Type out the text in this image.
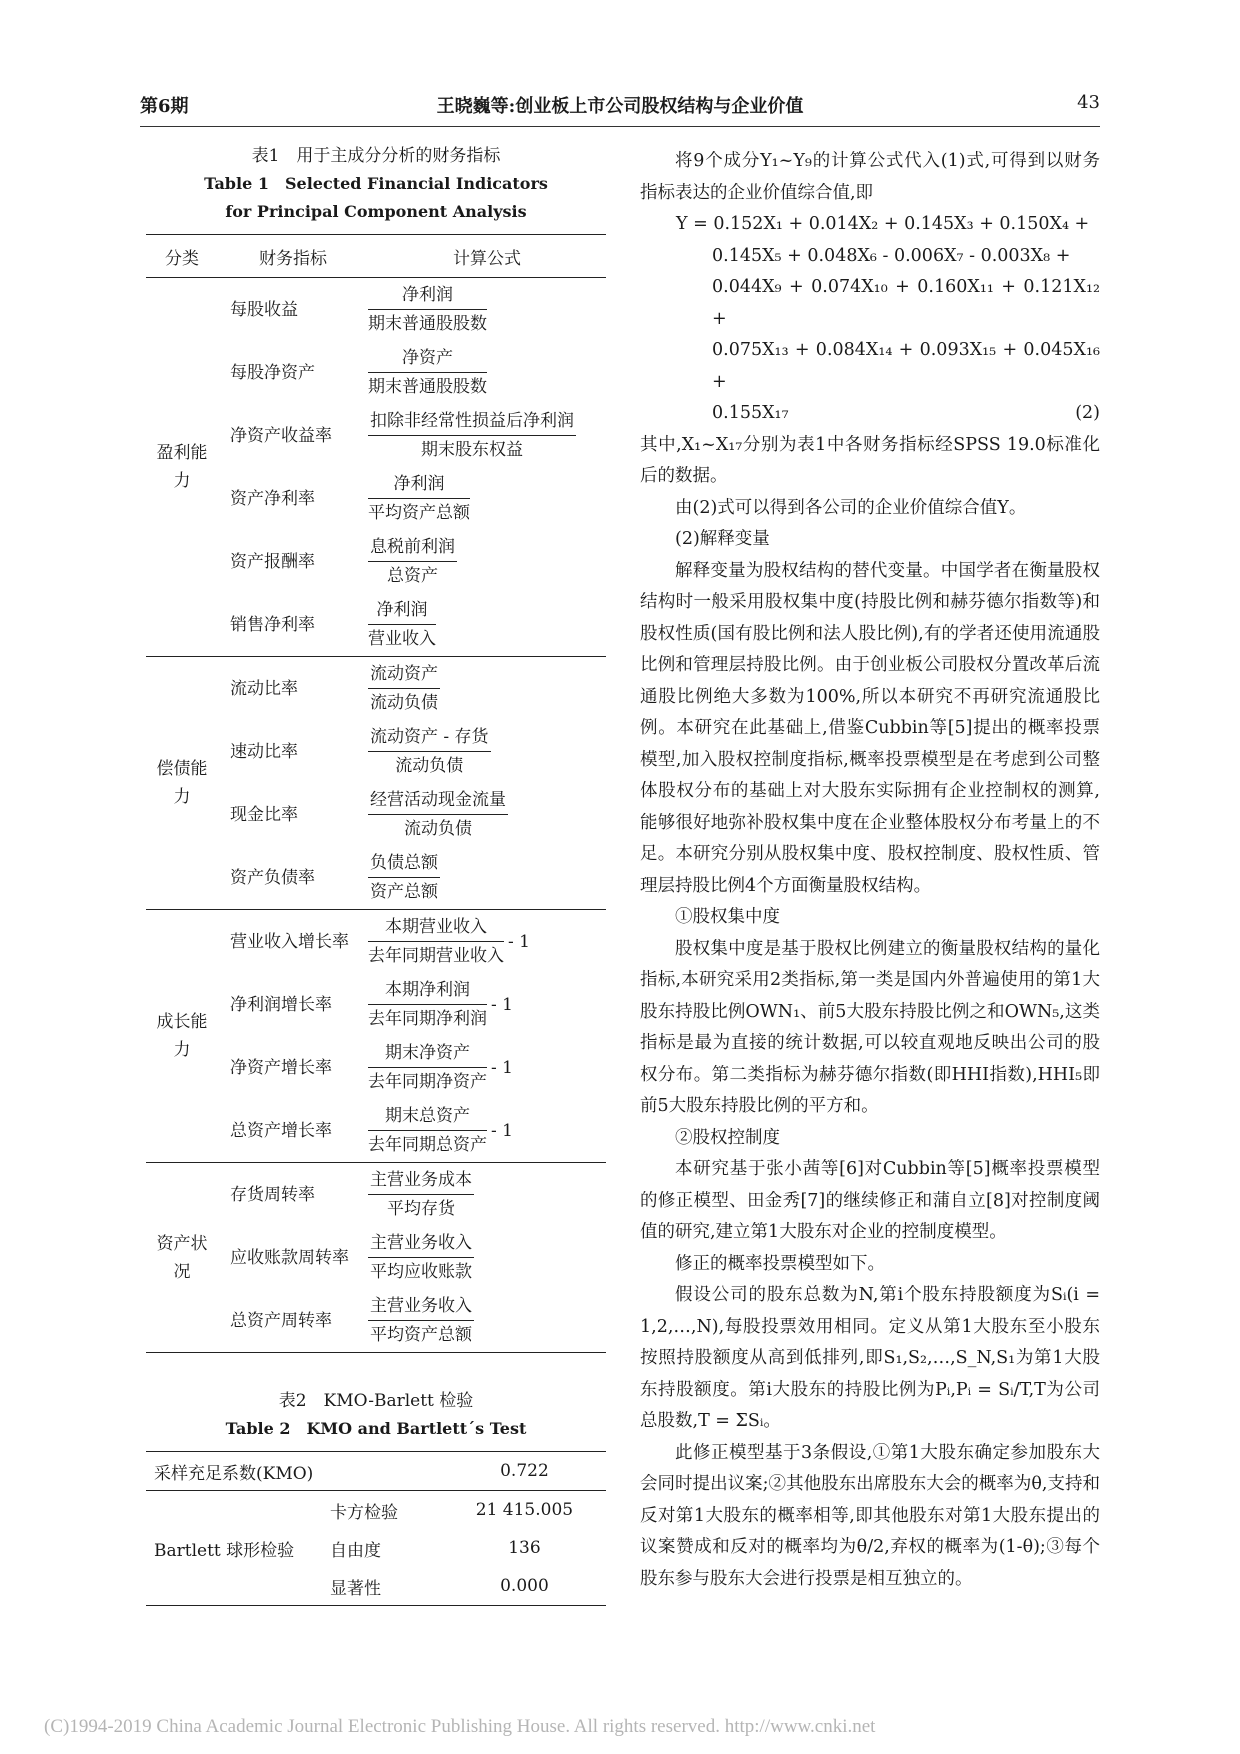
第6期	王晓巍等:创业板上市公司股权结构与企业价值	43
表1　用于主成分分析的财务指标
Table 1　Selected Financial Indicators
for Principal Component Analysis
分类	财务指标	计算公式
盈利能力	每股收益	$\frac{\text{净利润}}{\text{期末普通股股数}}$

	每股净资产	$\frac{\text{净资产}}{\text{期末普通股股数}}$

	净资产收益率	$\frac{\text{扣除非经常性损益后净利润}}{\text{期末股东权益}}$

	资产净利率	$\frac{\text{净利润}}{\text{平均资产总额}}$

	资产报酬率	$\frac{\text{息税前利润}}{\text{总资产}}$

	销售净利率	$\frac{\text{净利润}}{\text{营业收入}}$

偿债能力	流动比率	$\frac{\text{流动资产}}{\text{流动负债}}$

	速动比率	$\frac{\text{流动资产 - 存货}}{\text{流动负债}}$

	现金比率	$\frac{\text{经营活动现金流量}}{\text{流动负债}}$

	资产负债率	$\frac{\text{负债总额}}{\text{资产总额}}$

成长能力	营业收入增长率	$\frac{\text{本期营业收入}}{\text{去年同期营业收入}} - 1$

	净利润增长率	$\frac{\text{本期净利润}}{\text{去年同期净利润}} - 1$

	净资产增长率	$\frac{\text{期末净资产}}{\text{去年同期净资产}} - 1$

	总资产增长率	$\frac{\text{期末总资产}}{\text{去年同期总资产}} - 1$

资产状况	存货周转率	$\frac{\text{主营业务成本}}{\text{平均存货}}$

	应收账款周转率	$\frac{\text{主营业务收入}}{\text{平均应收账款}}$

	总资产周转率	$\frac{\text{主营业务收入}}{\text{平均资产总额}}$
表2　KMO-Barlett 检验
Table 2　KMO and Bartlett´s Test
采样充足系数(KMO)		0.722
Bartlett 球形检验	卡方检验	21 415.005
	自由度	136
	显著性	0.000

将9个成分Y₁~Y₉的计算公式代入(1)式,可得到以财务指标表达的企业价值综合值,即

Y = 0.152X₁ + 0.014X₂ + 0.145X₃ + 0.150X₄ +

0.145X₅ + 0.048X₆ - 0.006X₇ - 0.003X₈ +

0.044X₉ + 0.074X₁₀ + 0.160X₁₁ + 0.121X₁₂ +

0.075X₁₃ + 0.084X₁₄ + 0.093X₁₅ + 0.045X₁₆ +

0.155X₁₇	(2)

其中,X₁~X₁₇分别为表1中各财务指标经SPSS 19.0标准化后的数据。

由(2)式可以得到各公司的企业价值综合值Y。

(2)解释变量

解释变量为股权结构的替代变量。中国学者在衡量股权结构时一般采用股权集中度(持股比例和赫芬德尔指数等)和股权性质(国有股比例和法人股比例),有的学者还使用流通股比例和管理层持股比例。由于创业板公司股权分置改革后流通股比例绝大多数为100%,所以本研究不再研究流通股比例。本研究在此基础上,借鉴Cubbin等[5]提出的概率投票模型,加入股权控制度指标,概率投票模型是在考虑到公司整体股权分布的基础上对大股东实际拥有企业控制权的测算,能够很好地弥补股权集中度在企业整体股权分布考量上的不足。本研究分别从股权集中度、股权控制度、股权性质、管理层持股比例4个方面衡量股权结构。

①股权集中度

股权集中度是基于股权比例建立的衡量股权结构的量化指标,本研究采用2类指标,第一类是国内外普遍使用的第1大股东持股比例OWN₁、前5大股东持股比例之和OWN₅,这类指标是最为直接的统计数据,可以较直观地反映出公司的股权分布。第二类指标为赫芬德尔指数(即HHI指数),HHI₅即前5大股东持股比例的平方和。

②股权控制度

本研究基于张小茜等[6]对Cubbin等[5]概率投票模型的修正模型、田金秀[7]的继续修正和蒲自立[8]对控制度阈值的研究,建立第1大股东对企业的控制度模型。

修正的概率投票模型如下。

假设公司的股东总数为N,第i个股东持股额度为Sᵢ(i = 1,2,…,N),每股投票效用相同。定义从第1大股东至小股东按照持股额度从高到低排列,即S₁,S₂,…,S_N,S₁为第1大股东持股额度。第i大股东的持股比例为Pᵢ,Pᵢ = Sᵢ/T,T为公司总股数,T = ΣSᵢ。

此修正模型基于3条假设,①第1大股东确定参加股东大会同时提出议案;②其他股东出席股东大会的概率为θ,支持和反对第1大股东的概率相等,即其他股东对第1大股东提出的议案赞成和反对的概率均为θ/2,弃权的概率为(1-θ);③每个股东参与股东大会进行投票是相互独立的。

(C)1994-2019 China Academic Journal Electronic Publishing House. All rights reserved. http://www.cnki.net
